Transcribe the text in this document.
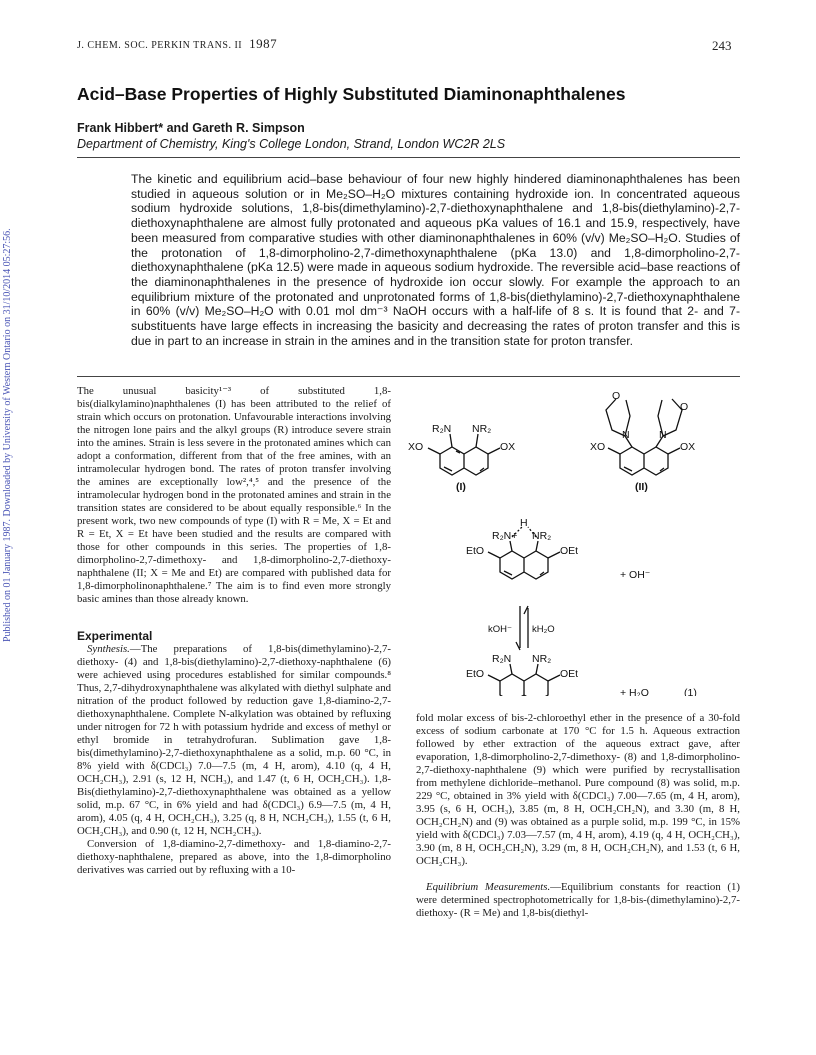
Published on 01 January 1987. Downloaded by University of Western Ontario on 31/10/2014 05:27:56.
J. CHEM. SOC. PERKIN TRANS. II 1987	243
Acid–Base Properties of Highly Substituted Diaminonaphthalenes
Frank Hibbert* and Gareth R. Simpson
Department of Chemistry, King's College London, Strand, London WC2R 2LS
The kinetic and equilibrium acid–base behaviour of four new highly hindered diaminonaphthalenes has been studied in aqueous solution or in Me₂SO–H₂O mixtures containing hydroxide ion. In concentrated aqueous sodium hydroxide solutions, 1,8-bis(dimethylamino)-2,7-diethoxynaphthalene and 1,8-bis(diethylamino)-2,7-diethoxynaphthalene are almost fully protonated and aqueous pKa values of 16.1 and 15.9, respectively, have been measured from comparative studies with other diaminonaphthalenes in 60% (v/v) Me₂SO–H₂O. Studies of the protonation of 1,8-dimorpholino-2,7-dimethoxynaphthalene (pKa 13.0) and 1,8-dimorpholino-2,7-diethoxynaphthalene (pKa 12.5) were made in aqueous sodium hydroxide. The reversible acid–base reactions of the diaminonaphthalenes in the presence of hydroxide ion occur slowly. For example the approach to an equilibrium mixture of the protonated and unprotonated forms of 1,8-bis(diethylamino)-2,7-diethoxynaphthalene in 60% (v/v) Me₂SO–H₂O with 0.01 mol dm⁻³ NaOH occurs with a half-life of 8 s. It is found that 2- and 7-substituents have large effects in increasing the basicity and decreasing the rates of proton transfer and this is due in part to an increase in strain in the amines and in the transition state for proton transfer.

The unusual basicity¹⁻³ of substituted 1,8-bis(dialkylamino)naphthalenes (I) has been attributed to the relief of strain which occurs on protonation. Unfavourable interactions involving the nitrogen lone pairs and the alkyl groups (R) introduce severe strain into the amines. Strain is less severe in the protonated amines which can adopt a conformation, different from that of the free amines, with an intramolecular hydrogen bond. The rates of proton transfer involving the amines are exceptionally low²,⁴,⁵ and the presence of the intramolecular hydrogen bond in the protonated amines and strain in the transition states are considered to be about equally responsible.⁶ In the present work, two new compounds of type (I) with R = Me, X = Et and R = Et, X = Et have been studied and the results are compared with those for other compounds in this series. The properties of 1,8-dimorpholino-2,7-dimethoxy- and 1,8-dimorpholino-2,7-diethoxy-naphthalene (II; X = Me and Et) are compared with published data for 1,8-dimorpholinonaphthalene.⁷ The aim is to find even more strongly basic amines than those already known.

Experimental

Synthesis.—The preparations of 1,8-bis(dimethylamino)-2,7-diethoxy- (4) and 1,8-bis(diethylamino)-2,7-diethoxy-naphthalene (6) were achieved using procedures established for similar compounds.⁸ Thus, 2,7-dihydroxynaphthalene was alkylated with diethyl sulphate and nitration of the product followed by reduction gave 1,8-diamino-2,7-diethoxynaphthalene. Complete N-alkylation was obtained by refluxing under nitrogen for 72 h with potassium hydride and excess of methyl or ethyl bromide in tetrahydrofuran. Sublimation gave 1,8-bis(dimethylamino)-2,7-diethoxynaphthalene as a solid, m.p. 60 °C, in 8% yield with δ(CDCl₃) 7.0—7.5 (m, 4 H, arom), 4.10 (q, 4 H, OCH₂CH₃), 2.91 (s, 12 H, NCH₃), and 1.47 (t, 6 H, OCH₂CH₃). 1,8-Bis(diethylamino)-2,7-diethoxynaphthalene was obtained as a yellow solid, m.p. 67 °C, in 6% yield and had δ(CDCl₃) 6.9—7.5 (m, 4 H, arom), 4.05 (q, 4 H, OCH₂CH₃), 3.25 (q, 8 H, NCH₂CH₃), 1.55 (t, 6 H, OCH₂CH₃), and 0.90 (t, 12 H, NCH₂CH₃).

Conversion of 1,8-diamino-2,7-dimethoxy- and 1,8-diamino-2,7-diethoxy-naphthalene, prepared as above, into the 1,8-dimorpholino derivatives was carried out by refluxing with a 10-

fold molar excess of bis-2-chloroethyl ether in the presence of a 30-fold excess of sodium carbonate at 170 °C for 1.5 h. Aqueous extraction followed by ether extraction of the aqueous extract gave, after evaporation, 1,8-dimorpholino-2,7-dimethoxy- (8) and 1,8-dimorpholino-2,7-diethoxy-naphthalene (9) which were purified by recrystallisation from methylene dichloride–methanol. Pure compound (8) was solid, m.p. 229 °C, obtained in 3% yield with δ(CDCl₃) 7.00—7.65 (m, 4 H, arom), 3.95 (s, 6 H, OCH₃), 3.85 (m, 8 H, OCH₂CH₂N), and 3.30 (m, 8 H, OCH₂CH₂N) and (9) was obtained as a purple solid, m.p. 199 °C, in 15% yield with δ(CDCl₃) 7.03—7.57 (m, 4 H, arom), 4.19 (q, 4 H, OCH₂CH₃), 3.90 (m, 8 H, OCH₂CH₂N), 3.29 (m, 8 H, OCH₂CH₂N), and 1.53 (t, 6 H, OCH₂CH₃).

Equilibrium Measurements.—Equilibrium constants for reaction (1) were determined spectrophotometrically for 1,8-bis-(dimethylamino)-2,7-diethoxy- (R = Me) and 1,8-bis(diethyl-

R₂N NR₂
XO	OX
(I)
N	N
O
O
XO	OX
(II)
H
R₂N+ NR₂
EtO	OEt
+ OH⁻
kOH⁻ kH₂O
R₂N NR₂
EtO	OEt
+ H₂O	(1)
